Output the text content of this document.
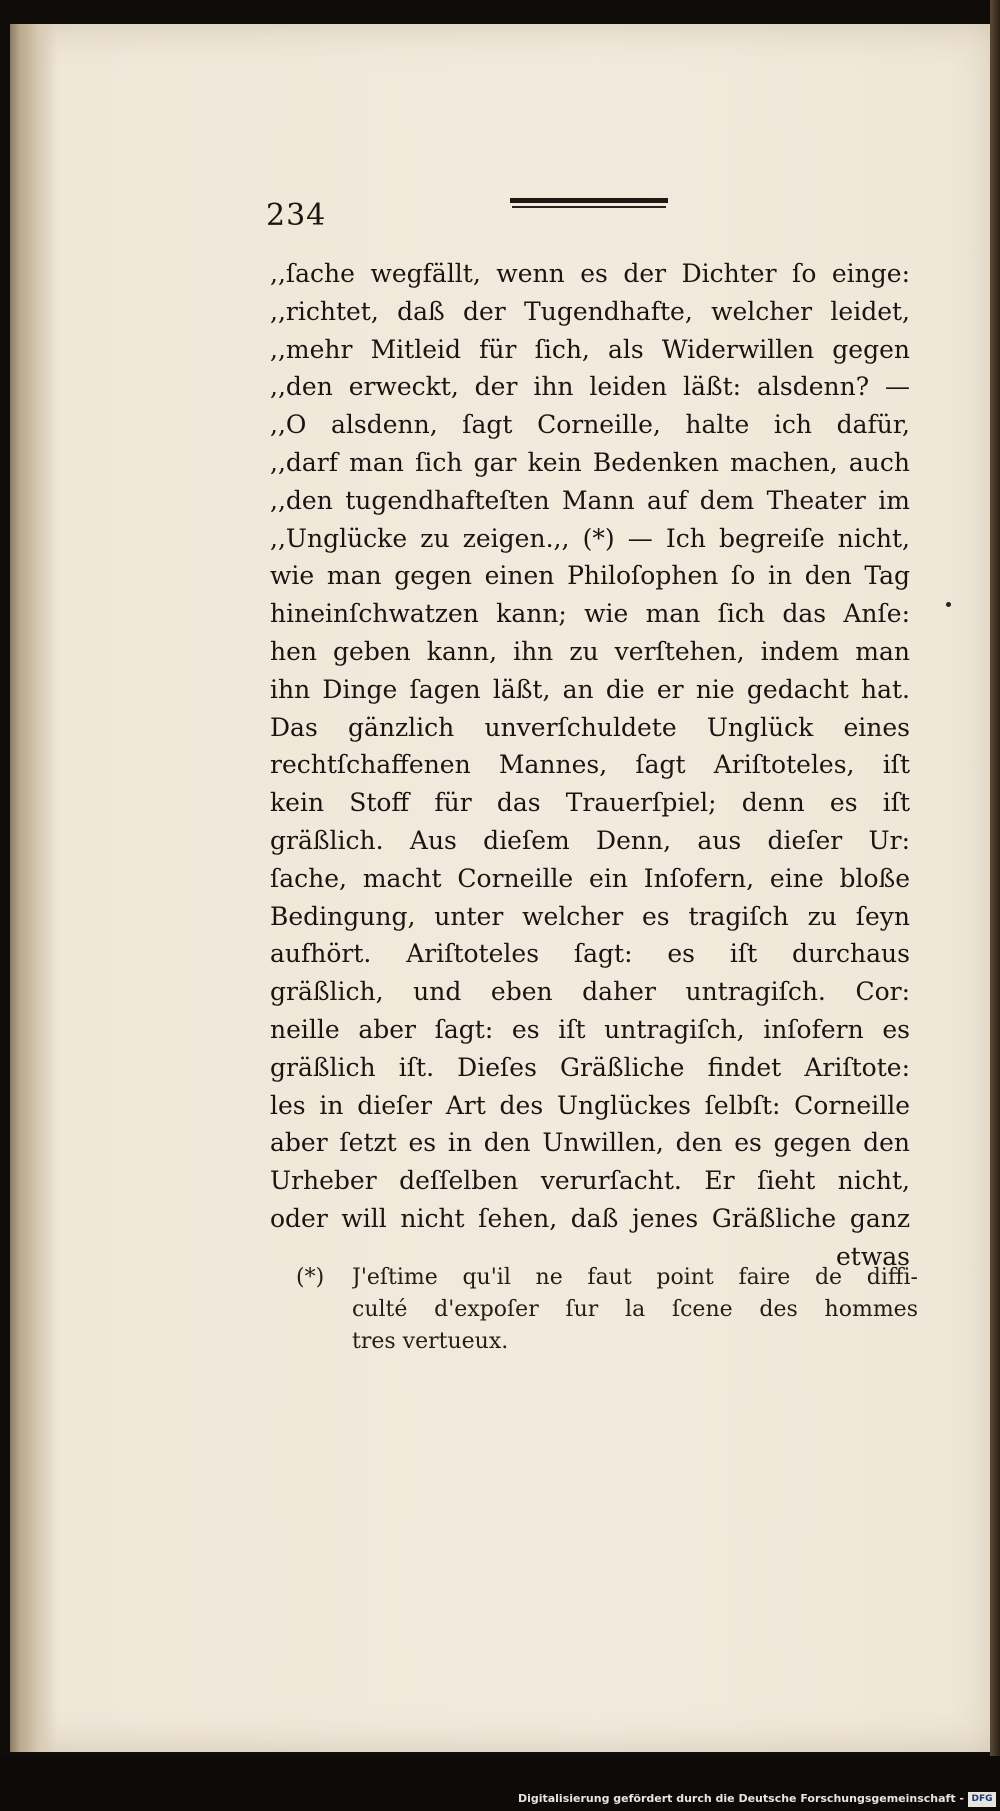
234
,,ſache wegfällt, wenn es der Dichter ſo einge:
,,richtet, daß der Tugendhafte, welcher leidet,
,,mehr Mitleid für ſich, als Widerwillen gegen
,,den erweckt, der ihn leiden läßt: alsdenn? —
,,O alsdenn, ſagt Corneille, halte ich dafür,
,,darf man ſich gar kein Bedenken machen, auch
,,den tugendhafteſten Mann auf dem Theater im
,,Unglücke zu zeigen.,, (*) — Ich begreiſe nicht,
wie man gegen einen Philoſophen ſo in den Tag
hineinſchwatzen kann; wie man ſich das Anſe:
hen geben kann, ihn zu verſtehen, indem man
ihn Dinge ſagen läßt, an die er nie gedacht hat.
Das gänzlich unverſchuldete Unglück eines
rechtſchaffenen Mannes, ſagt Ariſtoteles, iſt
kein Stoff für das Trauerſpiel; denn es iſt
gräßlich. Aus dieſem Denn, aus dieſer Ur:
ſache, macht Corneille ein Inſofern, eine bloße
Bedingung, unter welcher es tragiſch zu ſeyn
aufhört. Ariſtoteles ſagt: es iſt durchaus
gräßlich, und eben daher untragiſch. Cor:
neille aber ſagt: es iſt untragiſch, inſofern es
gräßlich iſt. Dieſes Gräßliche findet Ariſtote:
les in dieſer Art des Unglückes ſelbſt: Corneille
aber ſetzt es in den Unwillen, den es gegen den
Urheber deſſelben verurſacht. Er ſieht nicht,
oder will nicht ſehen, daß jenes Gräßliche ganz
etwas
(*) J'eſtime qu'il ne faut point faire de diffi-
culté d'expoſer ſur la ſcene des hommes
tres vertueux.
Digitalisierung gefördert durch die Deutsche Forschungsgemeinschaft - DFG
